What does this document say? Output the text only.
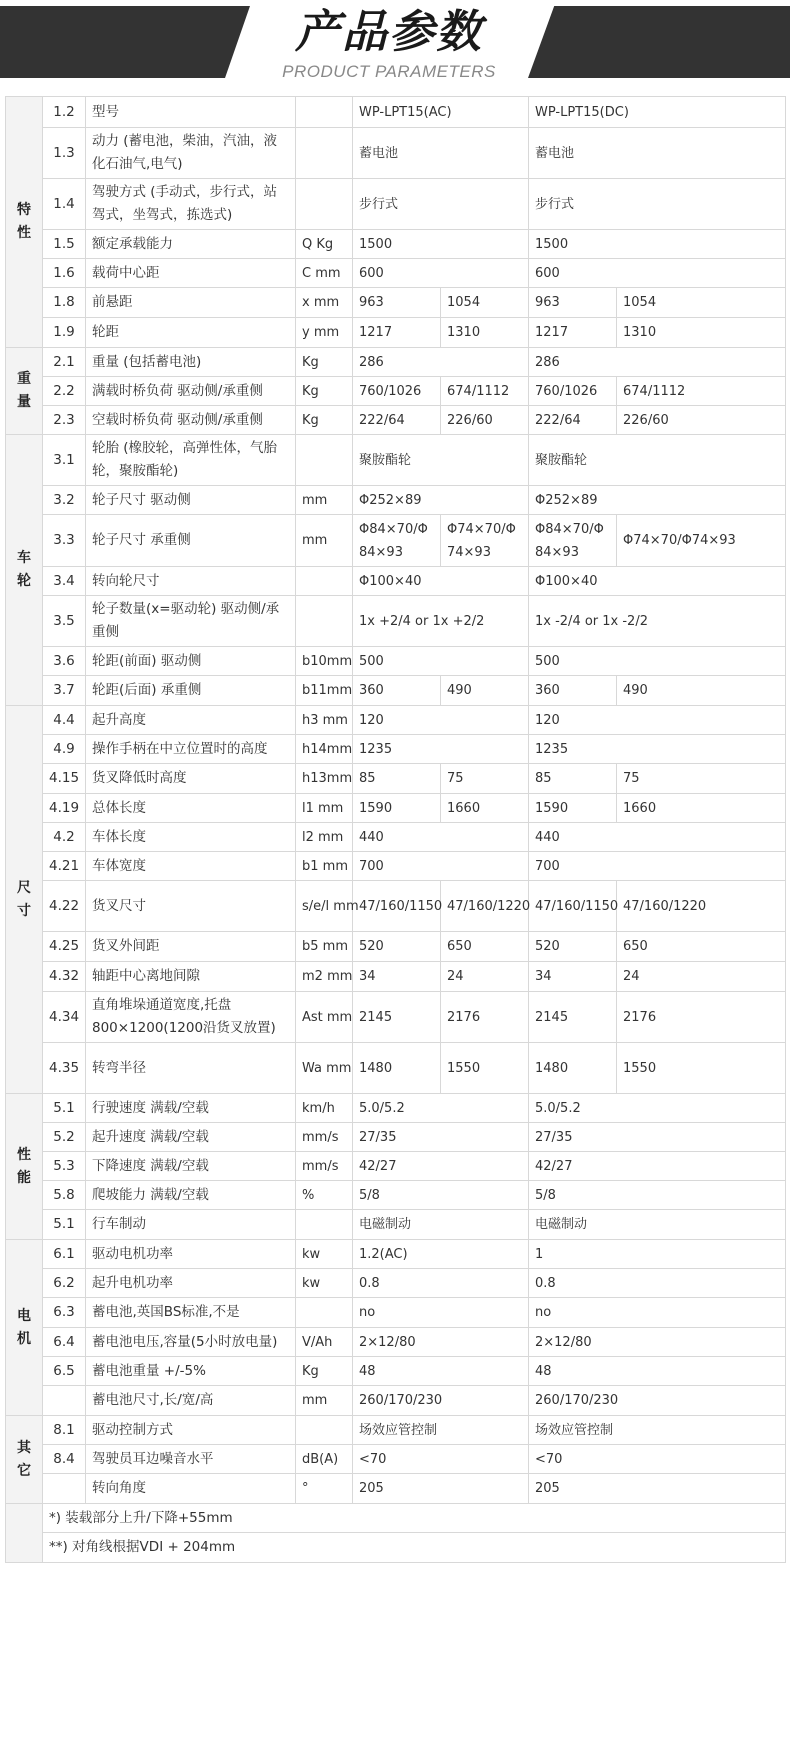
产品参数
PRODUCT PARAMETERS
特
性	1.2	型号		WP-LPT15(AC)		WP-LPT15(DC)	
	1.3	动力 (蓄电池，柴油，汽油，液化石油气,电气)		蓄电池		蓄电池	
	1.4	驾驶方式 (手动式，步行式，站驾式，坐驾式，拣选式)		步行式		步行式	
	1.5	额定承载能力	Q Kg	1500		1500	
	1.6	载荷中心距	C mm	600		600	
	1.8	前悬距	x mm	963	1054	963	1054
	1.9	轮距	y mm	1217	1310	1217	1310
重
量	2.1	重量 (包括蓄电池)	Kg	286		286	
	2.2	满载时桥负荷 驱动侧/承重侧	Kg	760/1026	674/1112	760/1026	674/1112
	2.3	空载时桥负荷 驱动侧/承重侧	Kg	222/64	226/60	222/64	226/60
车
轮	3.1	轮胎 (橡胶轮，高弹性体，气胎轮，聚胺酯轮)		聚胺酯轮		聚胺酯轮	
	3.2	轮子尺寸 驱动侧	mm	Φ252×89		Φ252×89	
	3.3	轮子尺寸 承重侧	mm	Φ84×70/Φ84×93	Φ74×70/Φ74×93	Φ84×70/Φ84×93	Φ74×70/Φ74×93
	3.4	转向轮尺寸		Φ100×40		Φ100×40	
	3.5	轮子数量(x=驱动轮) 驱动侧/承重侧		1x +2/4 or 1x +2/2		1x -2/4 or 1x -2/2	
	3.6	轮距(前面) 驱动侧	b10mm	500		500	
	3.7	轮距(后面) 承重侧	b11mm	360	490	360	490
尺
寸	4.4	起升高度	h3 mm	120		120	
	4.9	操作手柄在中立位置时的高度	h14mm	1235		1235	
	4.15	货叉降低时高度	h13mm	85	75	85	75
	4.19	总体长度	l1 mm	1590	1660	1590	1660
	4.2	车体长度	l2 mm	440		440	
	4.21	车体宽度	b1 mm	700		700	
	4.22	货叉尺寸	s/e/l mm	47/160/1150	47/160/1220	47/160/1150	47/160/1220
	4.25	货叉外间距	b5 mm	520	650	520	650
	4.32	轴距中心离地间隙	m2 mm	34	24	34	24
	4.34	直角堆垛通道宽度,托盘800×1200(1200沿货叉放置)	Ast mm	2145	2176	2145	2176
	4.35	转弯半径	Wa mm	1480	1550	1480	1550
性
能	5.1	行驶速度 满载/空载	km/h	5.0/5.2		5.0/5.2	
	5.2	起升速度 满载/空载	mm/s	27/35		27/35	
	5.3	下降速度 满载/空载	mm/s	42/27		42/27	
	5.8	爬坡能力 满载/空载	%	5/8		5/8	
	5.1	行车制动		电磁制动		电磁制动	
电
机	6.1	驱动电机功率	kw	1.2(AC)		1	
	6.2	起升电机功率	kw	0.8		0.8	
	6.3	蓄电池,英国BS标准,不是		no		no	
	6.4	蓄电池电压,容量(5小时放电量)	V/Ah	2×12/80		2×12/80	
	6.5	蓄电池重量 +/-5%	Kg	48		48	
		蓄电池尺寸,长/宽/高	mm	260/170/230		260/170/230	
其
它	8.1	驱动控制方式		场效应管控制		场效应管控制	
	8.4	驾驶员耳边噪音水平	dB(A)	<70		<70	
		转向角度	°	205		205	
	*) 装载部分上升/下降+55mm						
	**) 对角线根据VDI + 204mm						
